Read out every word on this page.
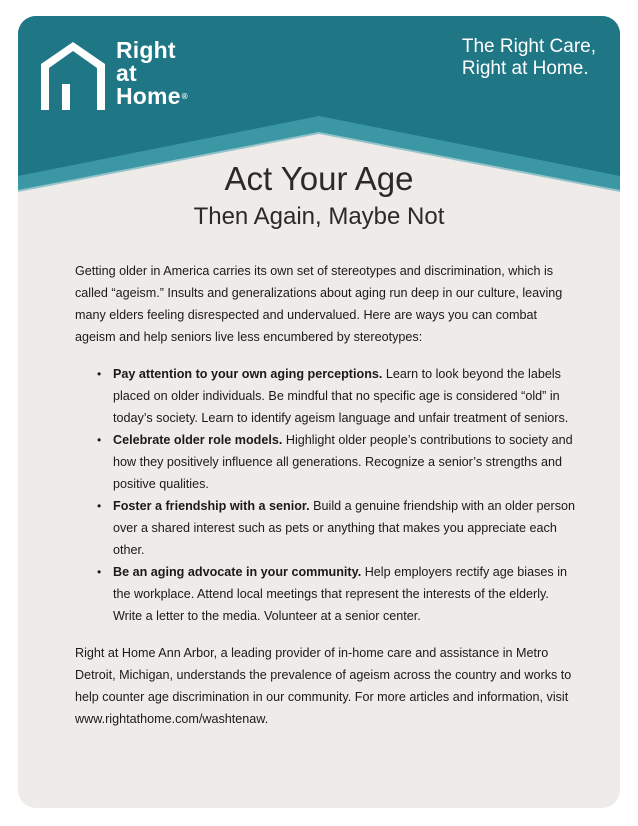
Right
at
Home®
The Right Care,
Right at Home.
Act Your Age
Then Again, Maybe Not

Getting older in America carries its own set of stereotypes and discrimination, which is called “ageism.” Insults and generalizations about aging run deep in our culture, leaving many elders feeling disrespected and undervalued. Here are ways you can combat ageism and help seniors live less encumbered by stereotypes:

• Pay attention to your own aging perceptions. Learn to look beyond the labels placed on older individuals. Be mindful that no specific age is considered “old” in today’s society. Learn to identify ageism language and unfair treatment of seniors.
• Celebrate older role models. Highlight older people’s contributions to society and how they positively influence all generations. Recognize a senior’s strengths and positive qualities.
• Foster a friendship with a senior. Build a genuine friendship with an older person over a shared interest such as pets or anything that makes you appreciate each other.
• Be an aging advocate in your community. Help employers rectify age biases in the workplace. Attend local meetings that represent the interests of the elderly. Write a letter to the media. Volunteer at a senior center.

Right at Home Ann Arbor, a leading provider of in-home care and assistance in Metro Detroit, Michigan, understands the prevalence of ageism across the country and works to help counter age discrimination in our community. For more articles and information, visit www.rightathome.com/washtenaw.
